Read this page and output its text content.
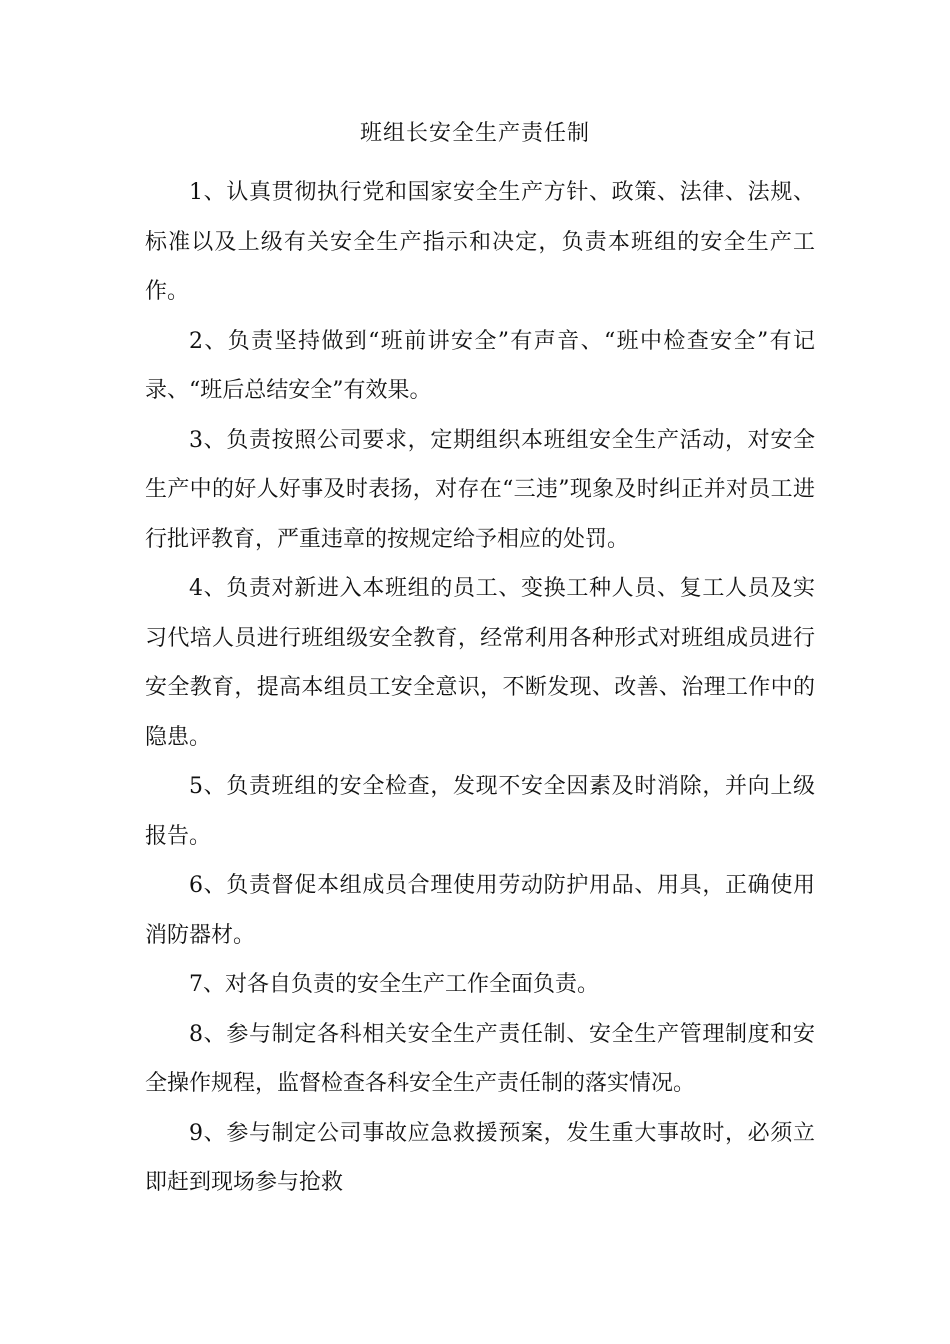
班组长安全生产责任制

1、认真贯彻执行党和国家安全生产方针、政策、法律、法规、标准以及上级有关安全生产指示和决定，负责本班组的安全生产工作。

2、负责坚持做到“班前讲安全”有声音、“班中检查安全”有记录、“班后总结安全”有效果。

3、负责按照公司要求，定期组织本班组安全生产活动，对安全生产中的好人好事及时表扬，对存在“三违”现象及时纠正并对员工进行批评教育，严重违章的按规定给予相应的处罚。

4、负责对新进入本班组的员工、变换工种人员、复工人员及实习代培人员进行班组级安全教育，经常利用各种形式对班组成员进行安全教育，提高本组员工安全意识，不断发现、改善、治理工作中的隐患。

5、负责班组的安全检查，发现不安全因素及时消除，并向上级报告。

6、负责督促本组成员合理使用劳动防护用品、用具，正确使用消防器材。

7、对各自负责的安全生产工作全面负责。

8、参与制定各科相关安全生产责任制、安全生产管理制度和安全操作规程，监督检查各科安全生产责任制的落实情况。

9、参与制定公司事故应急救援预案，发生重大事故时，必须立即赶到现场参与抢救
